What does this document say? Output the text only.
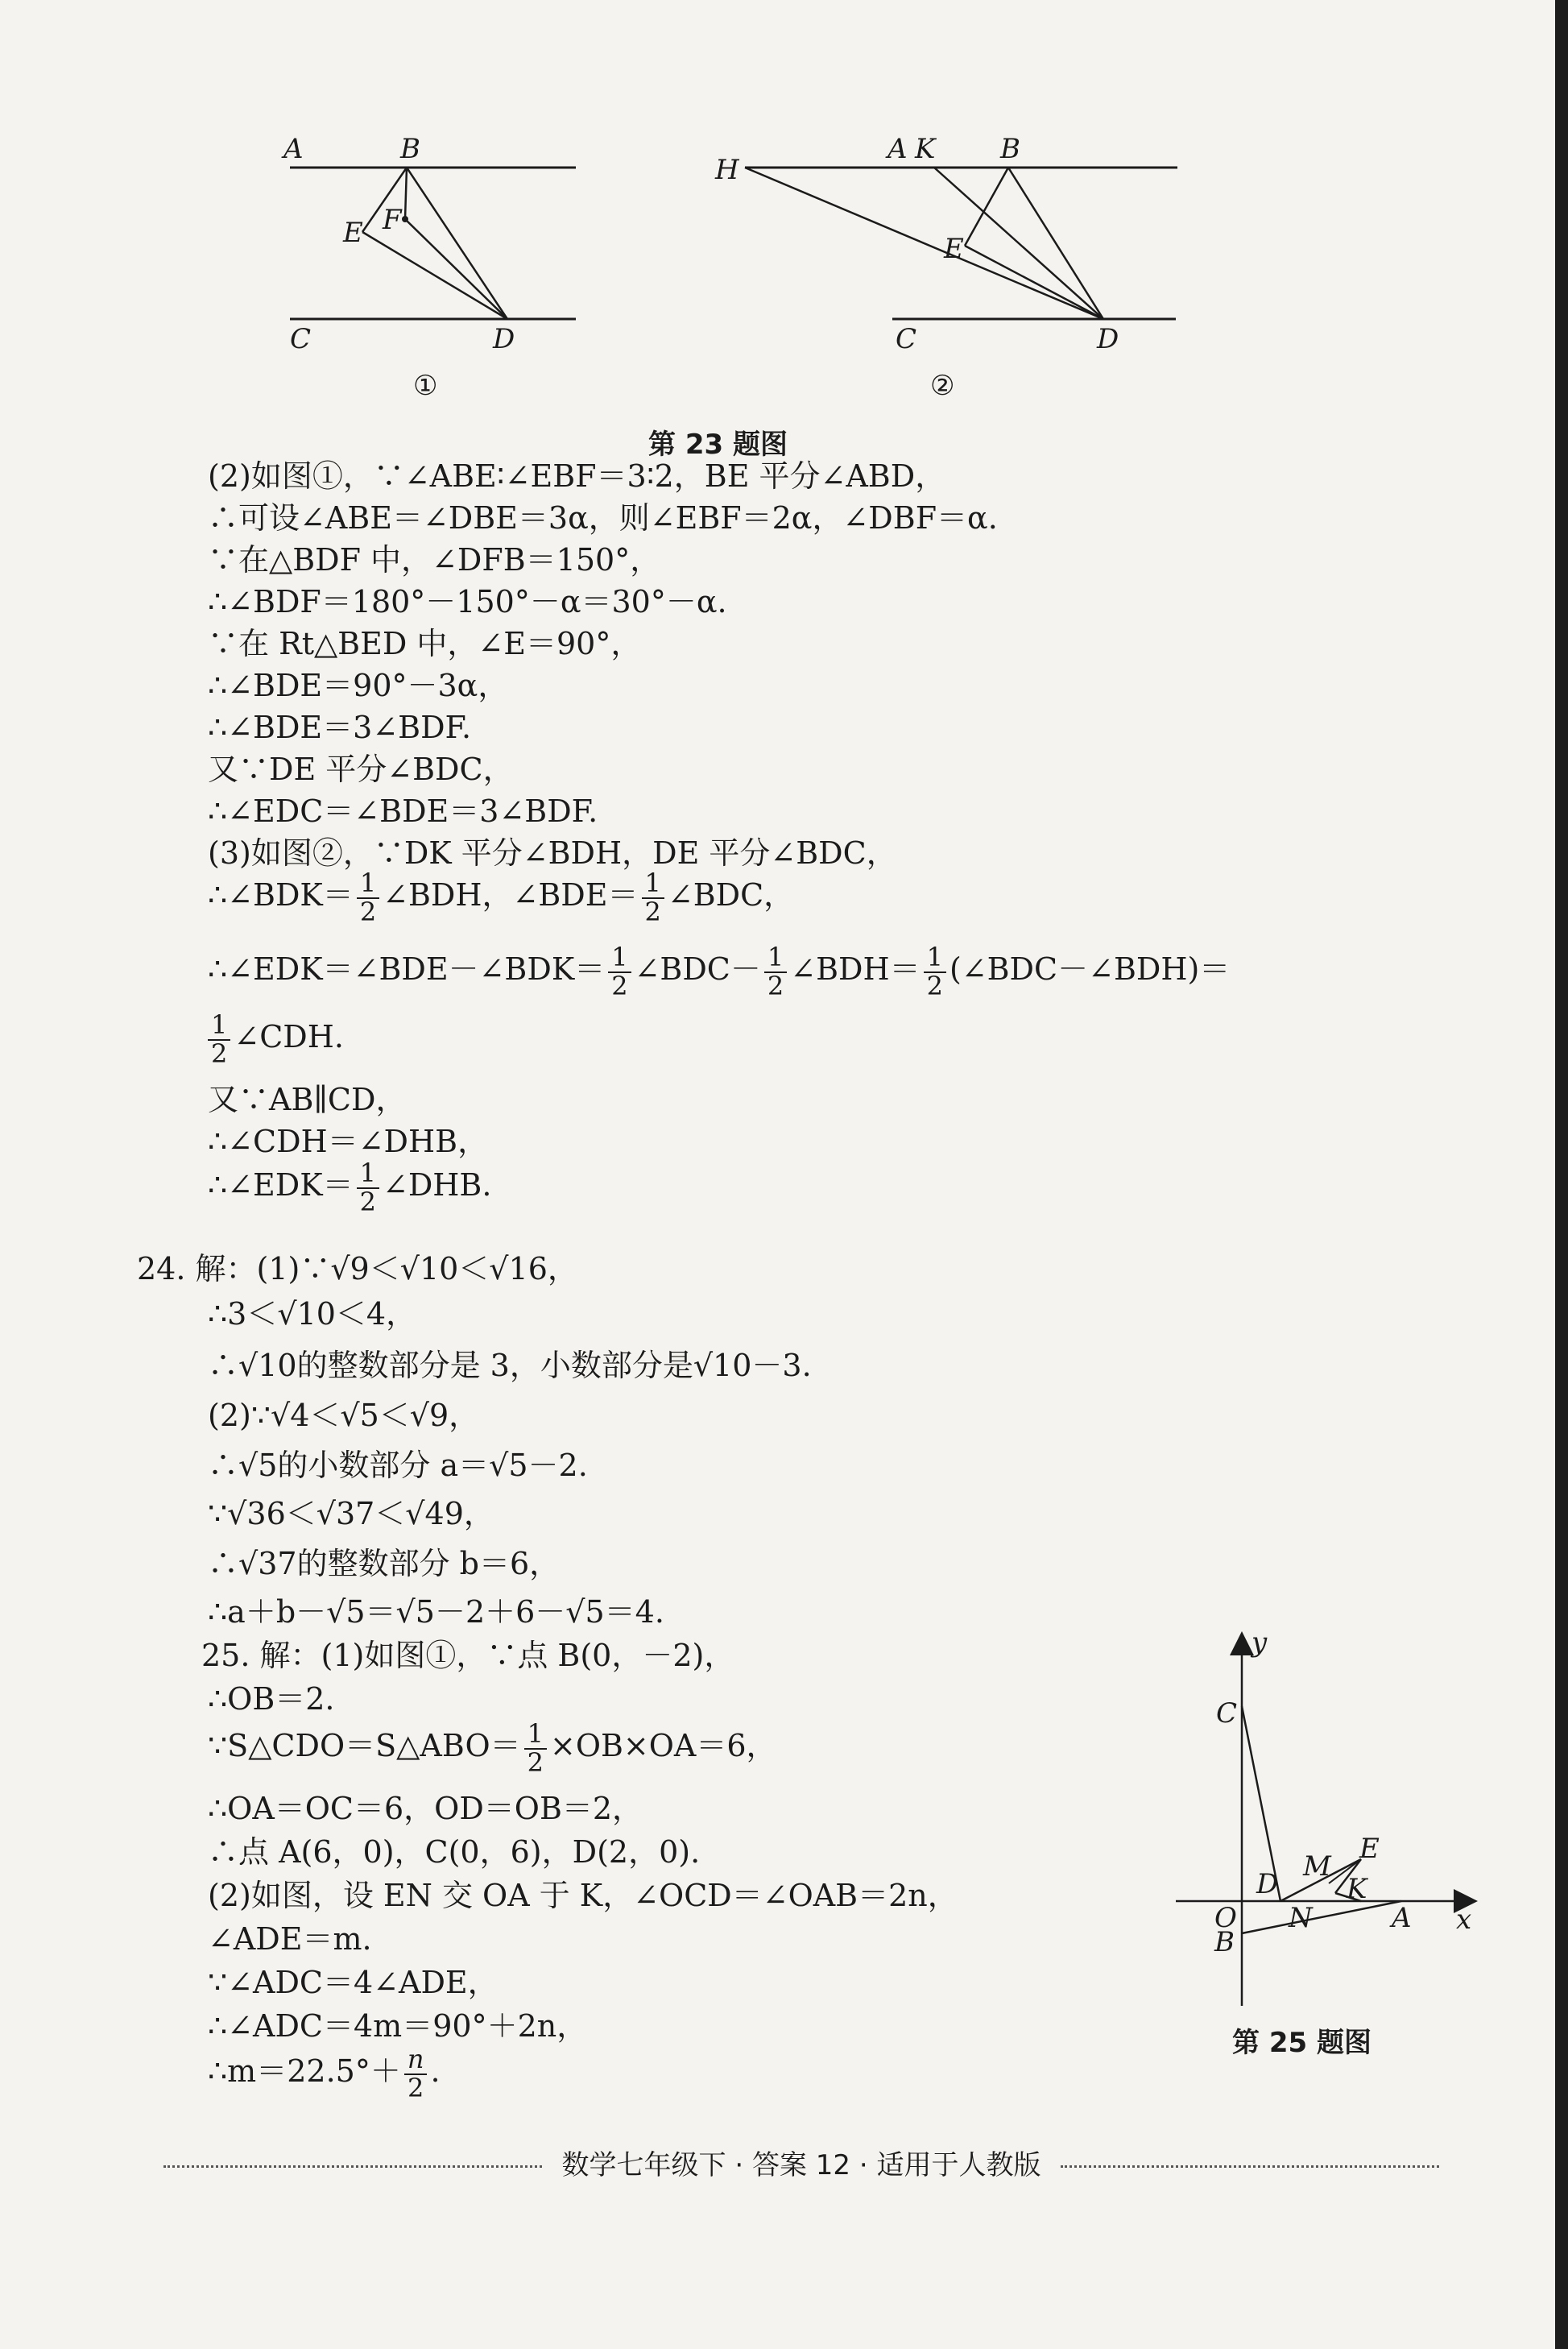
A	B
E F
C	D
①
H
A K B
E
C	D
②
第 23 题图
(2)如图①，∵∠ABE∶∠EBF＝3∶2，BE 平分∠ABD，
∴可设∠ABE＝∠DBE＝3α，则∠EBF＝2α，∠DBF＝α.
∵在△BDF 中，∠DFB＝150°，
∴∠BDF＝180°－150°－α＝30°－α.
∵在 Rt△BED 中，∠E＝90°，
∴∠BDE＝90°－3α，
∴∠BDE＝3∠BDF.
又∵DE 平分∠BDC，
∴∠EDC＝∠BDE＝3∠BDF.
(3)如图②，∵DK 平分∠BDH，DE 平分∠BDC，
∴∠BDK＝ $\frac{1}{2}$ ∠BDH，∠BDE＝ $\frac{1}{2}$ ∠BDC，
∴∠EDK＝∠BDE－∠BDK＝ $\frac{1}{2}$ ∠BDC－ $\frac{1}{2}$ ∠BDH＝ $\frac{1}{2}$ (∠BDC－∠BDH)＝
$\frac{1}{2}$ ∠CDH.
又∵AB∥CD，
∴∠CDH＝∠DHB，
∴∠EDK＝ $\frac{1}{2}$ ∠DHB.
24. 解：(1)∵√9＜√10＜√16，
∴3＜√10＜4，
∴√10的整数部分是 3，小数部分是√10－3.
(2)∵√4＜√5＜√9，
∴√5的小数部分 a＝√5－2.
∵√36＜√37＜√49，
∴√37的整数部分 b＝6，
∴a＋b－√5＝√5－2＋6－√5＝4.
25. 解：(1)如图①，∵点 B(0，－2)，
∴OB＝2.
∵S△CDO＝S△ABO＝ $\frac{1}{2} \times OB\times OA=6$，
∴OA＝OC＝6，OD＝OB＝2，
∴点 A(6，0)，C(0，6)，D(2，0).
(2)如图，设 EN 交 OA 于 K，∠OCD＝∠OAB＝2n，
∠ADE＝m.
∵∠ADC＝4∠ADE，
∴∠ADC＝4m＝90°＋2n，
∴m＝22.5°＋ $\frac{n}{2}$ .
y
x
C
O
B
D
M
E
N
K
A
第 25 题图
数学七年级下 · 答案 12 · 适用于人教版
